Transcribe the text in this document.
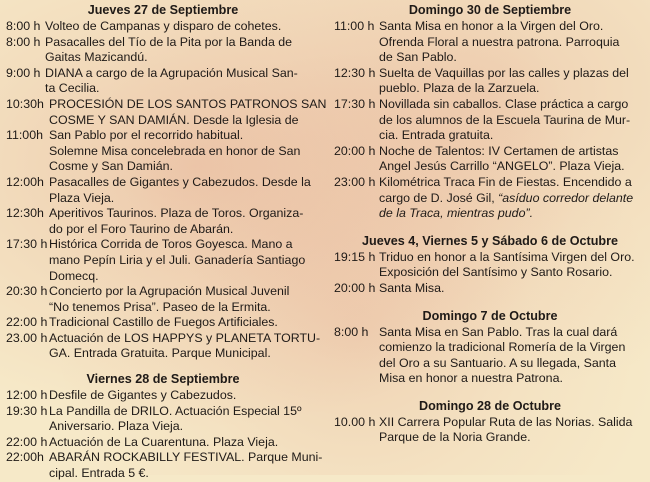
Jueves 27 de Septiembre
8:00 h Volteo de Campanas y disparo de cohetes.
8:00 h Pasacalles del Tío de la Pita por la Banda de
Gaitas Mazicandú.
9:00 h DIANA a cargo de la Agrupación Musical San-
ta Cecilia.
10:30h PROCESIÓN DE LOS SANTOS PATRONOS SAN
COSME Y SAN DAMIÁN. Desde la Iglesia de
11:00h San Pablo por el recorrido habitual.
Solemne Misa concelebrada en honor de San
Cosme y San Damián.
12:00h Pasacalles de Gigantes y Cabezudos. Desde la
Plaza Vieja.
12:30h Aperitivos Taurinos. Plaza de Toros. Organiza-
do por el Foro Taurino de Abarán.
17:30 h Histórica Corrida de Toros Goyesca. Mano a
mano Pepín Liria y el Juli. Ganadería Santiago
Domecq.
20:30 h Concierto por la Agrupación Musical Juvenil
“No tenemos Prisa”. Paseo de la Ermita.
22:00 h Tradicional Castillo de Fuegos Artificiales.
23.00 h Actuación de LOS HAPPYS y PLANETA TORTU-
GA. Entrada Gratuita. Parque Municipal.
Viernes 28 de Septiembre
12:00 h Desfile de Gigantes y Cabezudos.
19:30 h La Pandilla de DRILO. Actuación Especial 15º
Aniversario. Plaza Vieja.
22:00 h Actuación de La Cuarentuna. Plaza Vieja.
22:00h ABARÁN ROCKABILLY FESTIVAL. Parque Muni-
cipal. Entrada 5 €.
Domingo 30 de Septiembre
11:00 h Santa Misa en honor a la Virgen del Oro.
Ofrenda Floral a nuestra patrona. Parroquia
de San Pablo.
12:30 h Suelta de Vaquillas por las calles y plazas del
pueblo. Plaza de la Zarzuela.
17:30 h Novillada sin caballos. Clase práctica a cargo
de los alumnos de la Escuela Taurina de Mur-
cia. Entrada gratuita.
20:00 h Noche de Talentos: IV Certamen de artistas
Angel Jesús Carrillo “ANGELO”. Plaza Vieja.
23:00 h Kilométrica Traca Fin de Fiestas. Encendido a
cargo de D. José Gil, “asíduo corredor delante
de la Traca, mientras pudo”.
Jueves 4, Viernes 5 y Sábado 6 de Octubre
19:15 h Triduo en honor a la Santísima Virgen del Oro.
Exposición del Santísimo y Santo Rosario.
20:00 h Santa Misa.
Domingo 7 de Octubre
8:00 h Santa Misa en San Pablo. Tras la cual dará
comienzo la tradicional Romería de la Virgen
del Oro a su Santuario. A su llegada, Santa
Misa en honor a nuestra Patrona.
Domingo 28 de Octubre
10.00 h XII Carrera Popular Ruta de las Norias. Salida
Parque de la Noria Grande.
